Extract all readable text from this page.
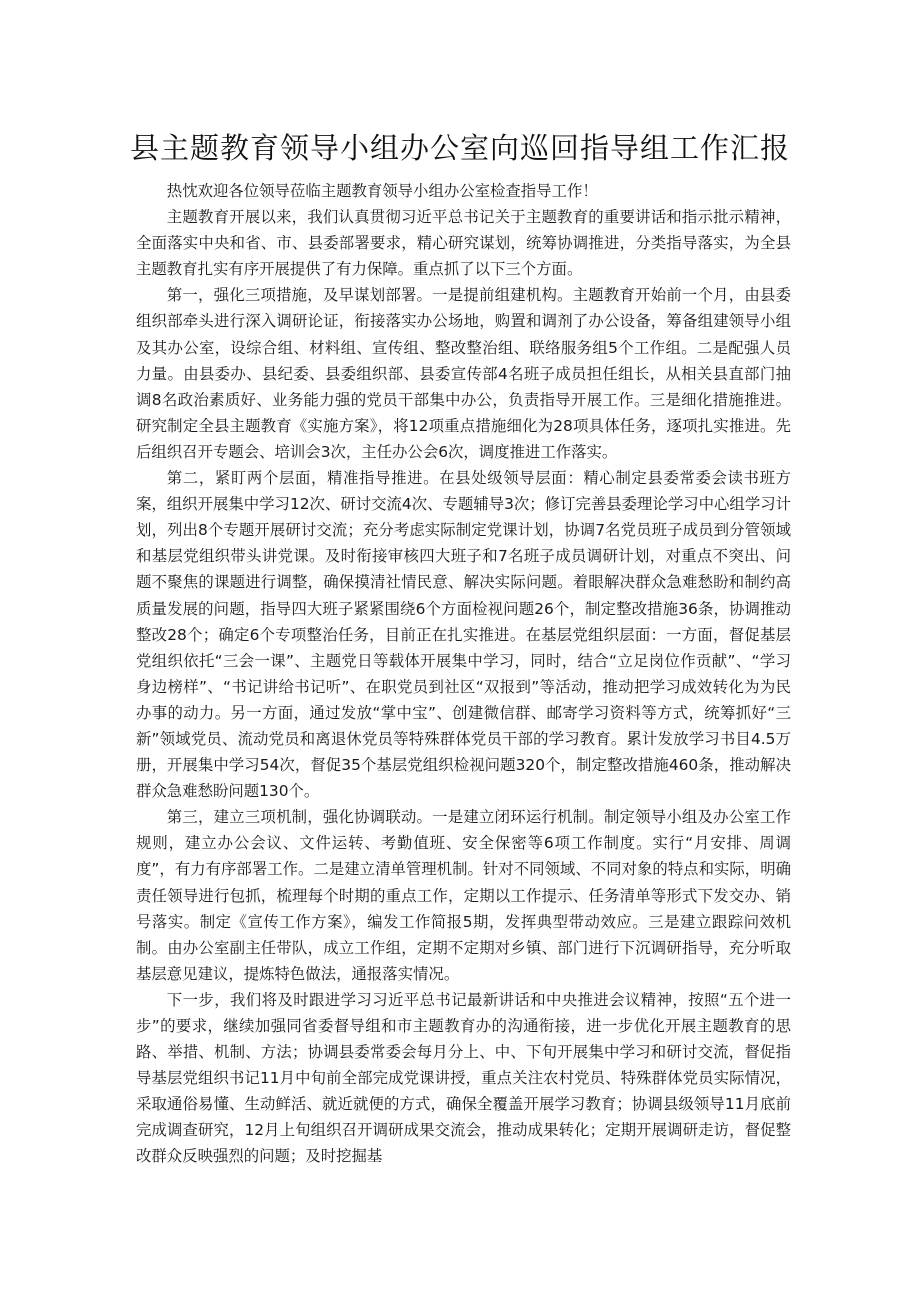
县主题教育领导小组办公室向巡回指导组工作汇报

热忱欢迎各位领导莅临主题教育领导小组办公室检查指导工作！

主题教育开展以来，我们认真贯彻习近平总书记关于主题教育的重要讲话和指示批示精神，全面落实中央和省、市、县委部署要求，精心研究谋划，统筹协调推进，分类指导落实，为全县主题教育扎实有序开展提供了有力保障。重点抓了以下三个方面。

第一，强化三项措施，及早谋划部署。一是提前组建机构。主题教育开始前一个月，由县委组织部牵头进行深入调研论证，衔接落实办公场地，购置和调剂了办公设备，筹备组建领导小组及其办公室，设综合组、材料组、宣传组、整改整治组、联络服务组5个工作组。二是配强人员力量。由县委办、县纪委、县委组织部、县委宣传部4名班子成员担任组长，从相关县直部门抽调8名政治素质好、业务能力强的党员干部集中办公，负责指导开展工作。三是细化措施推进。研究制定全县主题教育《实施方案》，将12项重点措施细化为28项具体任务，逐项扎实推进。先后组织召开专题会、培训会3次，主任办公会6次，调度推进工作落实。

第二，紧盯两个层面，精准指导推进。在县处级领导层面：精心制定县委常委会读书班方案，组织开展集中学习12次、研讨交流4次、专题辅导3次；修订完善县委理论学习中心组学习计划，列出8个专题开展研讨交流；充分考虑实际制定党课计划，协调7名党员班子成员到分管领域和基层党组织带头讲党课。及时衔接审核四大班子和7名班子成员调研计划，对重点不突出、问题不聚焦的课题进行调整，确保摸清社情民意、解决实际问题。着眼解决群众急难愁盼和制约高质量发展的问题，指导四大班子紧紧围绕6个方面检视问题26个，制定整改措施36条，协调推动整改28个；确定6个专项整治任务，目前正在扎实推进。在基层党组织层面：一方面，督促基层党组织依托“三会一课”、主题党日等载体开展集中学习，同时，结合“立足岗位作贡献”、“学习身边榜样”、“书记讲给书记听”、在职党员到社区“双报到”等活动，推动把学习成效转化为为民办事的动力。另一方面，通过发放“掌中宝”、创建微信群、邮寄学习资料等方式，统筹抓好“三新”领域党员、流动党员和离退休党员等特殊群体党员干部的学习教育。累计发放学习书目4.5万册，开展集中学习54次，督促35个基层党组织检视问题320个，制定整改措施460条，推动解决群众急难愁盼问题130个。

第三，建立三项机制，强化协调联动。一是建立闭环运行机制。制定领导小组及办公室工作规则，建立办公会议、文件运转、考勤值班、安全保密等6项工作制度。实行“月安排、周调度”，有力有序部署工作。二是建立清单管理机制。针对不同领域、不同对象的特点和实际，明确责任领导进行包抓，梳理每个时期的重点工作，定期以工作提示、任务清单等形式下发交办、销号落实。制定《宣传工作方案》，编发工作简报5期，发挥典型带动效应。三是建立跟踪问效机制。由办公室副主任带队，成立工作组，定期不定期对乡镇、部门进行下沉调研指导，充分听取基层意见建议，提炼特色做法，通报落实情况。

下一步，我们将及时跟进学习习近平总书记最新讲话和中央推进会议精神，按照“五个进一步”的要求，继续加强同省委督导组和市主题教育办的沟通衔接，进一步优化开展主题教育的思路、举措、机制、方法；协调县委常委会每月分上、中、下旬开展集中学习和研讨交流，督促指导基层党组织书记11月中旬前全部完成党课讲授，重点关注农村党员、特殊群体党员实际情况，采取通俗易懂、生动鲜活、就近就便的方式，确保全覆盖开展学习教育；协调县级领导11月底前完成调查研究，12月上旬组织召开调研成果交流会，推动成果转化；定期开展调研走访，督促整改群众反映强烈的问题；及时挖掘基
